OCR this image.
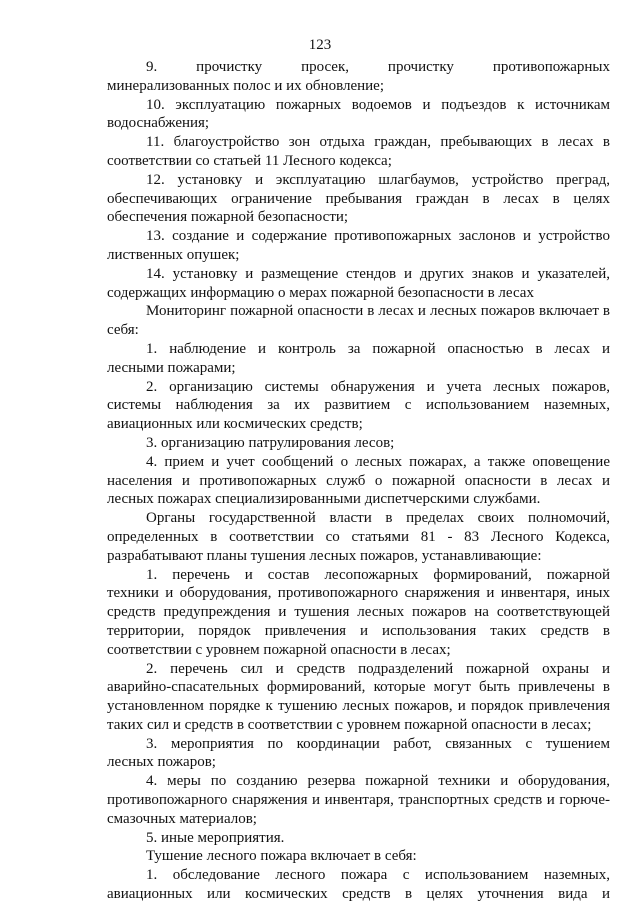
123
9. прочистку просек, прочистку противопожарных
минерализованных полос и их обновление;
10. эксплуатацию пожарных водоемов и подъездов к источникам
водоснабжения;
11. благоустройство зон отдыха граждан, пребывающих в лесах в
соответствии со статьей 11 Лесного кодекса;
12. установку и эксплуатацию шлагбаумов, устройство преград,
обеспечивающих ограничение пребывания граждан в лесах в целях
обеспечения пожарной безопасности;
13. создание и содержание противопожарных заслонов и устройство
лиственных опушек;
14. установку и размещение стендов и других знаков и указателей,
содержащих информацию о мерах пожарной безопасности в лесах
Мониторинг пожарной опасности в лесах и лесных пожаров включает в
себя:
1. наблюдение и контроль за пожарной опасностью в лесах и
лесными пожарами;
2. организацию системы обнаружения и учета лесных пожаров,
системы наблюдения за их развитием с использованием наземных,
авиационных или космических средств;
3. организацию патрулирования лесов;
4. прием и учет сообщений о лесных пожарах, а также оповещение
населения и противопожарных служб о пожарной опасности в лесах и
лесных пожарах специализированными диспетчерскими службами.
Органы государственной власти в пределах своих полномочий,
определенных в соответствии со статьями 81 - 83 Лесного Кодекса,
разрабатывают планы тушения лесных пожаров, устанавливающие:
1. перечень и состав лесопожарных формирований, пожарной
техники и оборудования, противопожарного снаряжения и инвентаря, иных
средств предупреждения и тушения лесных пожаров на соответствующей
территории, порядок привлечения и использования таких средств в
соответствии с уровнем пожарной опасности в лесах;
2. перечень сил и средств подразделений пожарной охраны и
аварийно-спасательных формирований, которые могут быть привлечены в
установленном порядке к тушению лесных пожаров, и порядок привлечения
таких сил и средств в соответствии с уровнем пожарной опасности в лесах;
3. мероприятия по координации работ, связанных с тушением
лесных пожаров;
4. меры по созданию резерва пожарной техники и оборудования,
противопожарного снаряжения и инвентаря, транспортных средств и горюче-
смазочных материалов;
5. иные мероприятия.
Тушение лесного пожара включает в себя:
1. обследование лесного пожара с использованием наземных,
авиационных или космических средств в целях уточнения вида и
